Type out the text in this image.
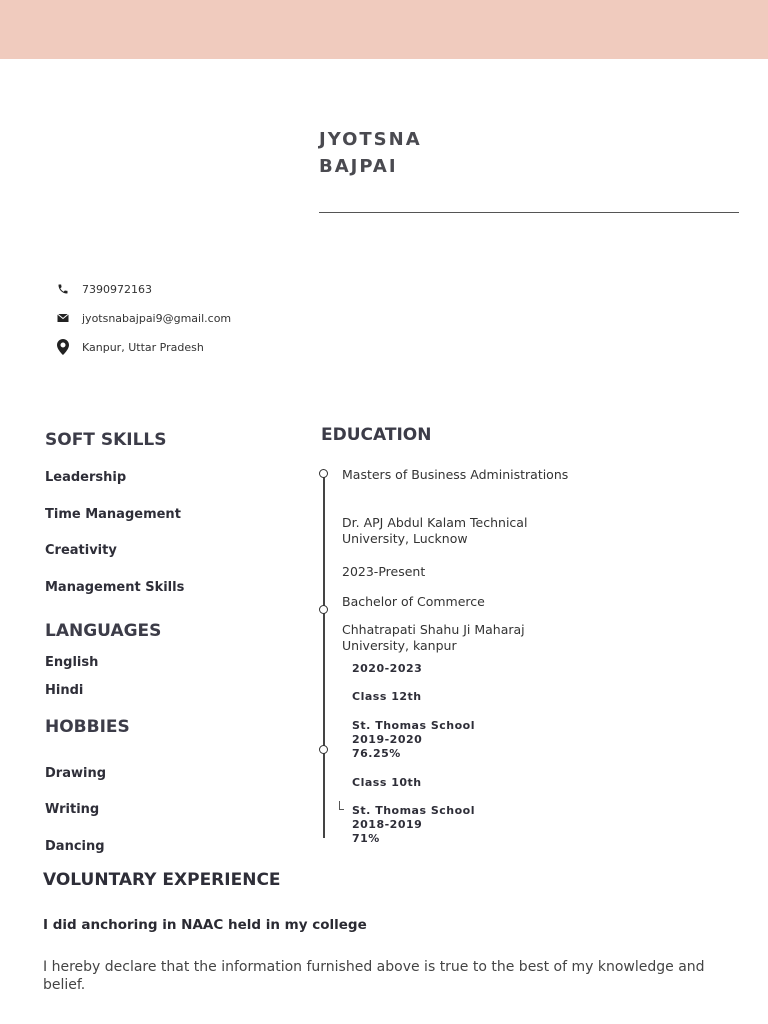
JYOTSNA
BAJPAI
7390972163
jyotsnabajpai9@gmail.com
Kanpur, Uttar Pradesh
SOFT SKILLS
Leadership
Time Management
Creativity
Management Skills
LANGUAGES
English
Hindi
HOBBIES
Drawing
Writing
Dancing
EDUCATION
Masters of Business Administrations
Dr. APJ Abdul Kalam Technical University, Lucknow
2023-Present
Bachelor of Commerce
Chhatrapati Shahu Ji Maharaj University, kanpur
2020-2023
Class 12th
St. Thomas School
2019-2020
76.25%
Class 10th
St. Thomas School
2018-2019
71%
VOLUNTARY EXPERIENCE
I did anchoring in NAAC held in my college
I hereby declare that the information furnished above is true to the best of my knowledge and belief.
